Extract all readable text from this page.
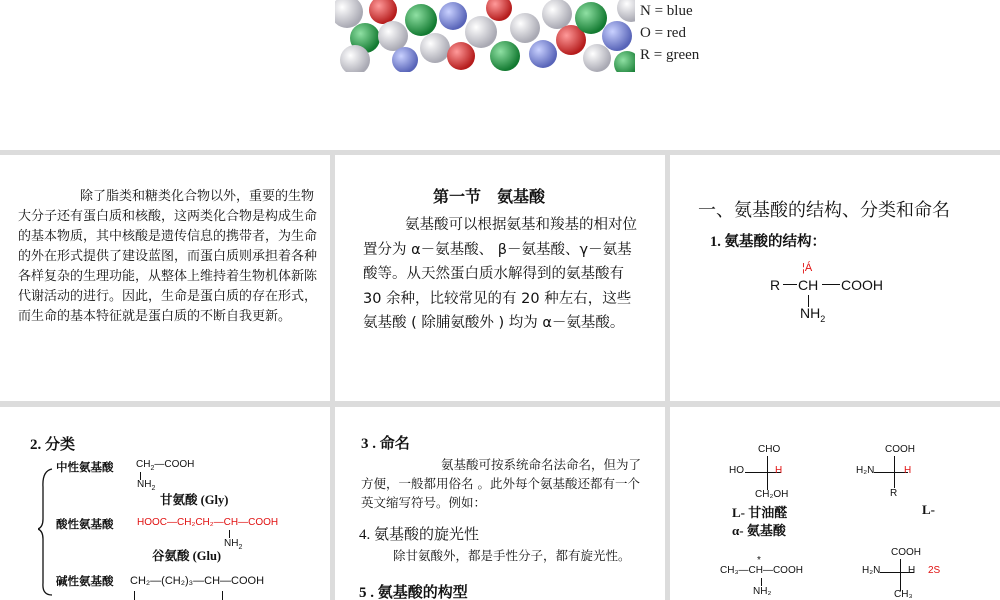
N = blue
O = red
R = green
除了脂类和糖类化合物以外，重要的生物大分子还有蛋白质和核酸，这两类化合物是构成生命的基本物质，其中核酸是遗传信息的携带者，为生命的外在形式提供了建设蓝图，而蛋白质则承担着各种各样复杂的生理功能，从整体上维持着生物机体新陈代谢活动的进行。因此，生命是蛋白质的存在形式，而生命的基本特征就是蛋白质的不断自我更新。
第一节　氨基酸
氨基酸可以根据氨基和羧基的相对位置分为 α－氨基酸、 β－氨基酸、γ－氨基酸等。从天然蛋白质水解得到的氨基酸有 30 余种，比较常见的有 20 种左右，这些氨基酸 ( 除脯氨酸外 ) 均为 α－氨基酸。
一、氨基酸的结构、分类和命名
1. 氨基酸的结构：
¦Á
R CH COOH
$NH_2$
2. 分类
中性氨基酸 $CH_2—COOH$
$NH_2$
甘氨酸 (Gly)
酸性氨基酸 HOOC—CH₂CH₂—CH—COOH
$NH_2$
谷氨酸 (Glu)
碱性氨基酸 CH₂—(CH₂)₃—CH—COOH
3 . 命名
氨基酸可按系统命名法命名，但为了方便，一般都用俗名 。此外每个氨基酸还都有一个英文缩写符号。例如：
4. 氨基酸的旋光性
除甘氨酸外，都是手性分子，都有旋光性。
5 . 氨基酸的构型
CHO
HO	H
CH₂OH
COOH
H₂N	H
R
L- 甘油醛
α- 氨基酸
L-
*
CH₃—CH—COOH
NH₂
COOH
H₂N	H 2S
CH₃
